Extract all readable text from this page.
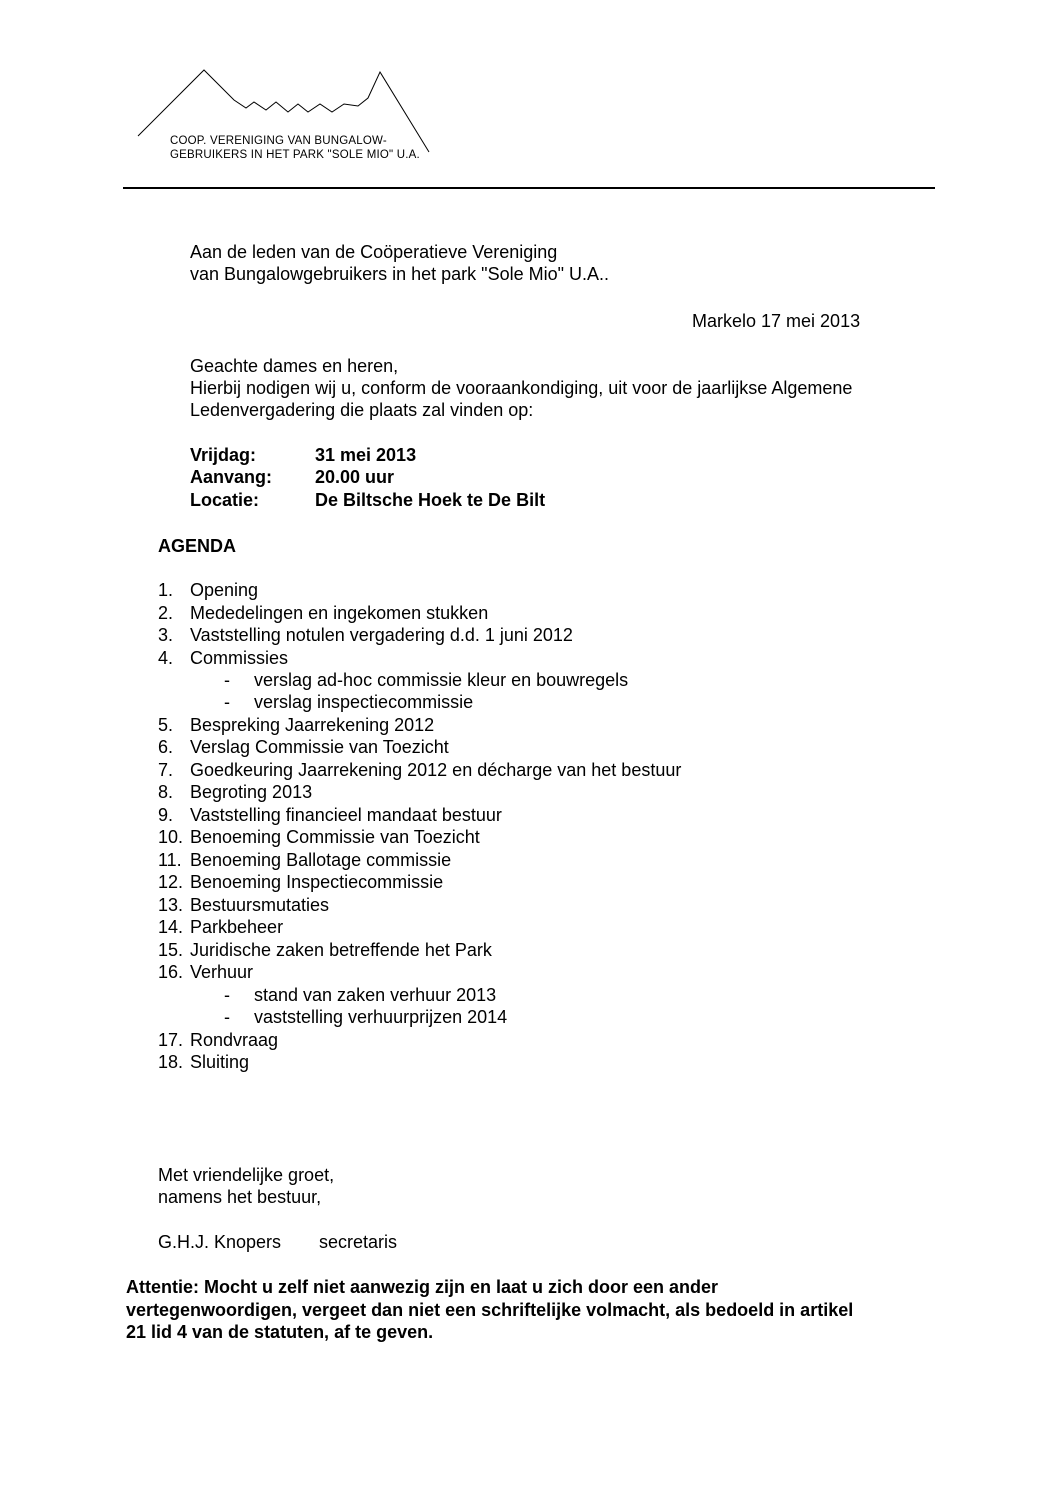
COOP. VERENIGING VAN BUNGALOW-
GEBRUIKERS IN HET PARK "SOLE MIO" U.A.
Aan de leden van de Coöperatieve Vereniging
van Bungalowgebruikers in het park "Sole Mio" U.A..
Markelo 17 mei 2013
Geachte dames en heren,
Hierbij nodigen wij u, conform de vooraankondiging, uit voor de jaarlijkse Algemene
Ledenvergadering die plaats zal vinden op:
Vrijdag:	31 mei 2013
Aanvang: 20.00 uur
Locatie:	De Biltsche Hoek te De Bilt
AGENDA
1. Opening
2. Mededelingen en ingekomen stukken
3. Vaststelling notulen vergadering d.d. 1 juni 2012
4. Commissies
- verslag ad-hoc commissie kleur en bouwregels
- verslag inspectiecommissie
5. Bespreking Jaarrekening 2012
6. Verslag Commissie van Toezicht
7. Goedkeuring Jaarrekening 2012 en décharge van het bestuur
8. Begroting 2013
9. Vaststelling financieel mandaat bestuur
10. Benoeming Commissie van Toezicht
11. Benoeming Ballotage commissie
12. Benoeming Inspectiecommissie
13. Bestuursmutaties
14. Parkbeheer
15. Juridische zaken betreffende het Park
16. Verhuur
- stand van zaken verhuur 2013
- vaststelling verhuurprijzen 2014
17. Rondvraag
18. Sluiting
Met vriendelijke groet,
namens het bestuur,
G.H.J. Knopers secretaris
Attentie: Mocht u zelf niet aanwezig zijn en laat u zich door een ander
vertegenwoordigen, vergeet dan niet een schriftelijke volmacht, als bedoeld in artikel
21 lid 4 van de statuten, af te geven.
